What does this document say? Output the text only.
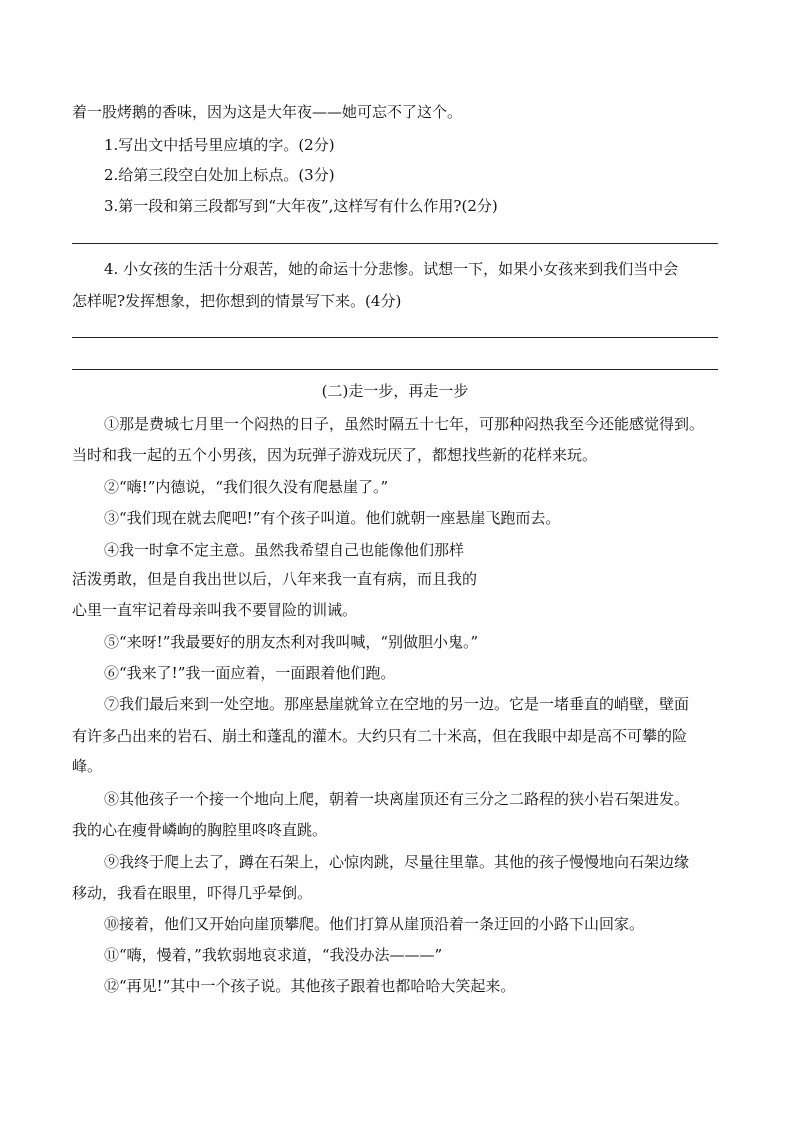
着一股烤鹅的香味，因为这是大年夜——她可忘不了这个。
1.写出文中括号里应填的字。(2分)
2.给第三段空白处加上标点。(3分)
3.第一段和第三段都写到“大年夜”,这样写有什么作用?(2分)
4. 小女孩的生活十分艰苦，她的命运十分悲惨。试想一下，如果小女孩来到我们当中会
怎样呢?发挥想象，把你想到的情景写下来。(4分)
(二)走一步，再走一步
①那是费城七月里一个闷热的日子，虽然时隔五十七年，可那种闷热我至今还能感觉得到。
当时和我一起的五个小男孩，因为玩弹子游戏玩厌了，都想找些新的花样来玩。
②“嗨!”内德说，“我们很久没有爬悬崖了。”
③“我们现在就去爬吧!”有个孩子叫道。他们就朝一座悬崖飞跑而去。
④我一时拿不定主意。虽然我希望自己也能像他们那样
活泼勇敢，但是自我出世以后，八年来我一直有病，而且我的
心里一直牢记着母亲叫我不要冒险的训诫。
⑤“来呀!”我最要好的朋友杰利对我叫喊，“别做胆小鬼。”
⑥“我来了!”我一面应着，一面跟着他们跑。
⑦我们最后来到一处空地。那座悬崖就耸立在空地的另一边。它是一堵垂直的峭壁，壁面
有许多凸出来的岩石、崩土和蓬乱的灌木。大约只有二十米高，但在我眼中却是高不可攀的险
峰。
⑧其他孩子一个接一个地向上爬，朝着一块离崖顶还有三分之二路程的狭小岩石架进发。
我的心在瘦骨嶙峋的胸腔里咚咚直跳。
⑨我终于爬上去了，蹲在石架上，心惊肉跳，尽量往里靠。其他的孩子慢慢地向石架边缘
移动，我看在眼里，吓得几乎晕倒。
⑩接着，他们又开始向崖顶攀爬。他们打算从崖顶沿着一条迂回的小路下山回家。
⑪“嗨，慢着，”我软弱地哀求道，“我没办法———”
⑫“再见!”其中一个孩子说。其他孩子跟着也都哈哈大笑起来。
